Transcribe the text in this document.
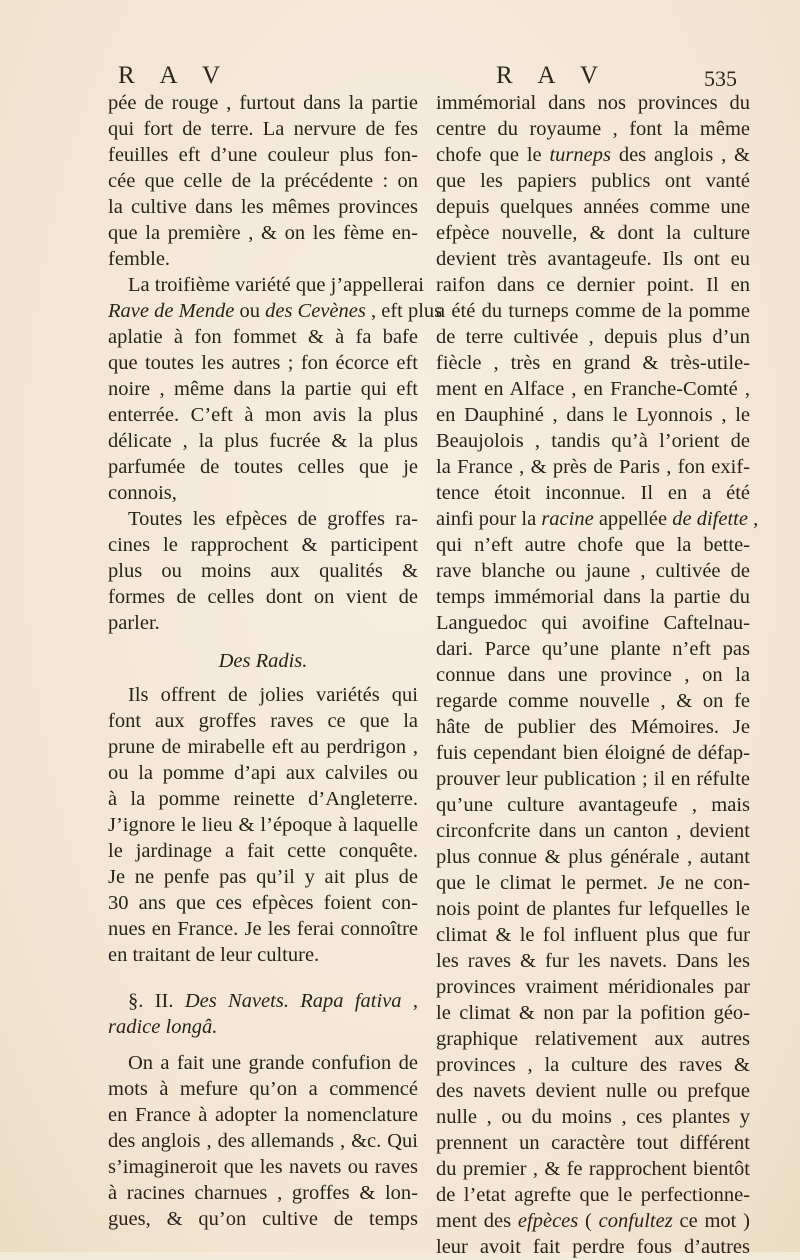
R A V	R A V	535
pée de rouge , furtout dans la partie
qui fort de terre. La nervure de fes
feuilles eft d’une couleur plus fon-
cée que celle de la précédente : on
la cultive dans les mêmes provinces
que la première , & on les fème en-
femble.
La troifième variété que j’appellerai
Rave de Mende ou des Cevènes , eft plus
aplatie à fon fommet & à fa bafe
que toutes les autres ; fon écorce eft
noire , même dans la partie qui eft
enterrée. C’eft à mon avis la plus
délicate , la plus fucrée & la plus
parfumée de toutes celles que je
connois,
Toutes les efpèces de groffes ra-
cines le rapprochent & participent
plus ou moins aux qualités &
formes de celles dont on vient de
parler.
Des Radis.
Ils offrent de jolies variétés qui
font aux groffes raves ce que la
prune de mirabelle eft au perdrigon ,
ou la pomme d’api aux calviles ou
à la pomme reinette d’Angleterre.
J’ignore le lieu & l’époque à laquelle
le jardinage a fait cette conquête.
Je ne penfe pas qu’il y ait plus de
30 ans que ces efpèces foient con-
nues en France. Je les ferai connoître
en traitant de leur culture.
§. II. Des Navets. Rapa fativa ,
radice longâ.
On a fait une grande confufion de
mots à mefure qu’on a commencé
en France à adopter la nomenclature
des anglois , des allemands , &c. Qui
s’imagineroit que les navets ou raves
à racines charnues , groffes & lon-
gues, & qu’on cultive de temps
immémorial dans nos provinces du
centre du royaume , font la même
chofe que le turneps des anglois , &
que les papiers publics ont vanté
depuis quelques années comme une
efpèce nouvelle, & dont la culture
devient très avantageufe. Ils ont eu
raifon dans ce dernier point. Il en
a été du turneps comme de la pomme
de terre cultivée , depuis plus d’un
fiècle , très en grand & très-utile-
ment en Alface , en Franche-Comté ,
en Dauphiné , dans le Lyonnois , le
Beaujolois , tandis qu’à l’orient de
la France , & près de Paris , fon exif-
tence étoit inconnue. Il en a été
ainfi pour la racine appellée de difette ,
qui n’eft autre chofe que la bette-
rave blanche ou jaune , cultivée de
temps immémorial dans la partie du
Languedoc qui avoifine Caftelnau-
dari. Parce qu’une plante n’eft pas
connue dans une province , on la
regarde comme nouvelle , & on fe
hâte de publier des Mémoires. Je
fuis cependant bien éloigné de défap-
prouver leur publication ; il en réfulte
qu’une culture avantageufe , mais
circonfcrite dans un canton , devient
plus connue & plus générale , autant
que le climat le permet. Je ne con-
nois point de plantes fur lefquelles le
climat & le fol influent plus que fur
les raves & fur les navets. Dans les
provinces vraiment méridionales par
le climat & non par la pofition géo-
graphique relativement aux autres
provinces , la culture des raves &
des navets devient nulle ou prefque
nulle , ou du moins , ces plantes y
prennent un caractère tout différent
du premier , & fe rapprochent bientôt
de l’etat agrefte que le perfectionne-
ment des efpèces ( confultez ce mot )
leur avoit fait perdre fous d’autres
